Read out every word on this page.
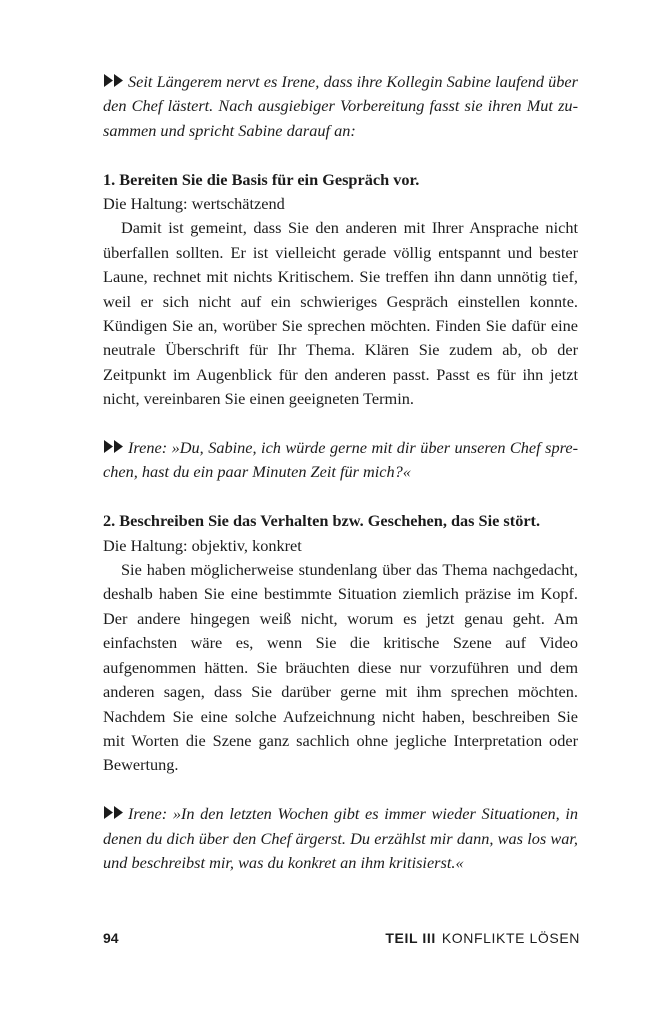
Seit Längerem nervt es Irene, dass ihre Kollegin Sabine laufend über den Chef lästert. Nach ausgiebiger Vorbereitung fasst sie ihren Mut zusammen und spricht Sabine darauf an:

1. Bereiten Sie die Basis für ein Gespräch vor.

Die Haltung: wertschätzend

Damit ist gemeint, dass Sie den anderen mit Ihrer Ansprache nicht überfallen sollten. Er ist vielleicht gerade völlig entspannt und bester Laune, rechnet mit nichts Kritischem. Sie treffen ihn dann unnötig tief, weil er sich nicht auf ein schwieriges Gespräch einstellen konnte. Kündigen Sie an, worüber Sie sprechen möchten. Finden Sie dafür eine neutrale Überschrift für Ihr Thema. Klären Sie zudem ab, ob der Zeitpunkt im Augenblick für den anderen passt. Passt es für ihn jetzt nicht, vereinbaren Sie einen geeigneten Termin.

Irene: »Du, Sabine, ich würde gerne mit dir über unseren Chef sprechen, hast du ein paar Minuten Zeit für mich?«

2. Beschreiben Sie das Verhalten bzw. Geschehen, das Sie stört.

Die Haltung: objektiv, konkret

Sie haben möglicherweise stundenlang über das Thema nachgedacht, deshalb haben Sie eine bestimmte Situation ziemlich präzise im Kopf. Der andere hingegen weiß nicht, worum es jetzt genau geht. Am einfachsten wäre es, wenn Sie die kritische Szene auf Video aufgenommen hätten. Sie bräuchten diese nur vorzuführen und dem anderen sagen, dass Sie darüber gerne mit ihm sprechen möchten. Nachdem Sie eine solche Aufzeichnung nicht haben, beschreiben Sie mit Worten die Szene ganz sachlich ohne jegliche Interpretation oder Bewertung.

Irene: »In den letzten Wochen gibt es immer wieder Situationen, in denen du dich über den Chef ärgerst. Du erzählst mir dann, was los war, und beschreibst mir, was du konkret an ihm kritisierst.«

94	TEIL III KONFLIKTE LÖSEN
